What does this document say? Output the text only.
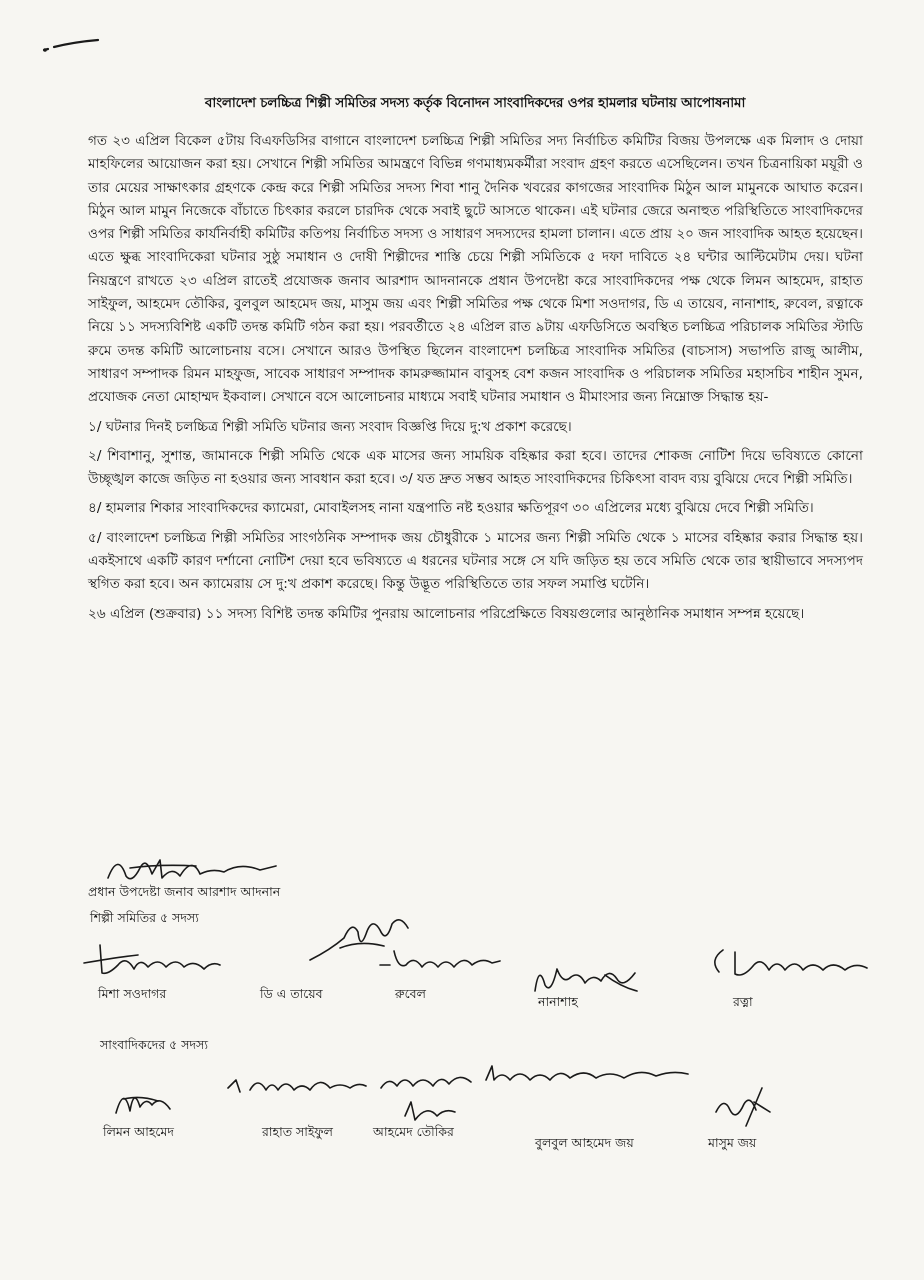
বাংলাদেশ চলচ্চিত্র শিল্পী সমিতির সদস্য কর্তৃক বিনোদন সাংবাদিকদের ওপর হামলার ঘটনায় আপোষনামা

গত ২৩ এপ্রিল বিকেল ৫টায় বিএফডিসির বাগানে বাংলাদেশ চলচ্চিত্র শিল্পী সমিতির সদ্য নির্বাচিত কমিটির বিজয় উপলক্ষে এক মিলাদ ও দোয়া মাহফিলের আয়োজন করা হয়। সেখানে শিল্পী সমিতির আমন্ত্রণে বিভিন্ন গণমাধ্যমকর্মীরা সংবাদ গ্রহণ করতে এসেছিলেন। তখন চিত্রনায়িকা ময়ূরী ও তার মেয়ের সাক্ষাৎকার গ্রহণকে কেন্দ্র করে শিল্পী সমিতির সদস্য শিবা শানু দৈনিক খবরের কাগজের সাংবাদিক মিঠুন আল মামুনকে আঘাত করেন। মিঠুন আল মামুন নিজেকে বাঁচাতে চিৎকার করলে চারদিক থেকে সবাই ছুটে আসতে থাকেন। এই ঘটনার জেরে অনাহুত পরিস্থিতিতে সাংবাদিকদের ওপর শিল্পী সমিতির কার্যনির্বাহী কমিটির কতিপয় নির্বাচিত সদস্য ও সাধারণ সদস্যদের হামলা চালান। এতে প্রায় ২০ জন সাংবাদিক আহত হয়েছেন। এতে ক্ষুব্ধ সাংবাদিকেরা ঘটনার সুষ্ঠু সমাধান ও দোষী শিল্পীদের শাস্তি চেয়ে শিল্পী সমিতিকে ৫ দফা দাবিতে ২৪ ঘন্টার আল্টিমেটাম দেয়। ঘটনা নিয়ন্ত্রণে রাখতে ২৩ এপ্রিল রাতেই প্রযোজক জনাব আরশাদ আদনানকে প্রধান উপদেষ্টা করে সাংবাদিকদের পক্ষ থেকে লিমন আহমেদ, রাহাত সাইফুল, আহমেদ তৌকির, বুলবুল আহমেদ জয়, মাসুম জয় এবং শিল্পী সমিতির পক্ষ থেকে মিশা সওদাগর, ডি এ তায়েব, নানাশাহ, রুবেল, রত্নাকে নিয়ে ১১ সদস্যবিশিষ্ট একটি তদন্ত কমিটি গঠন করা হয়। পরবর্তীতে ২৪ এপ্রিল রাত ৯টায় এফডিসিতে অবস্থিত চলচ্চিত্র পরিচালক সমিতির স্টাডি রুমে তদন্ত কমিটি আলোচনায় বসে। সেখানে আরও উপস্থিত ছিলেন বাংলাদেশ চলচ্চিত্র সাংবাদিক সমিতির (বাচসাস) সভাপতি রাজু আলীম, সাধারণ সম্পাদক রিমন মাহফুজ, সাবেক সাধারণ সম্পাদক কামরুজ্জামান বাবুসহ বেশ কজন সাংবাদিক ও পরিচালক সমিতির মহাসচিব শাহীন সুমন, প্রযোজক নেতা মোহাম্মদ ইকবাল। সেখানে বসে আলোচনার মাধ্যমে সবাই ঘটনার সমাধান ও মীমাংসার জন্য নিম্নোক্ত সিদ্ধান্ত হয়-

১/ ঘটনার দিনই চলচ্চিত্র শিল্পী সমিতি ঘটনার জন্য সংবাদ বিজ্ঞপ্তি দিয়ে দু:খ প্রকাশ করেছে।

২/ শিবাশানু, সুশান্ত, জামানকে শিল্পী সমিতি থেকে এক মাসের জন্য সাময়িক বহিষ্কার করা হবে। তাদের শোকজ নোটিশ দিয়ে ভবিষ্যতে কোনো উচ্ছৃঙ্খল কাজে জড়িত না হওয়ার জন্য সাবধান করা হবে। ৩/ যত দ্রুত সম্ভব আহত সাংবাদিকদের চিকিৎসা বাবদ ব্যয় বুঝিয়ে দেবে শিল্পী সমিতি।

৪/ হামলার শিকার সাংবাদিকদের ক্যামেরা, মোবাইলসহ নানা যন্ত্রপাতি নষ্ট হওয়ার ক্ষতিপূরণ ৩০ এপ্রিলের মধ্যে বুঝিয়ে দেবে শিল্পী সমিতি।

৫/ বাংলাদেশ চলচ্চিত্র শিল্পী সমিতির সাংগঠনিক সম্পাদক জয় চৌধুরীকে ১ মাসের জন্য শিল্পী সমিতি থেকে ১ মাসের বহিষ্কার করার সিদ্ধান্ত হয়। একইসাথে একটি কারণ দর্শানো নোটিশ দেয়া হবে ভবিষ্যতে এ ধরনের ঘটনার সঙ্গে সে যদি জড়িত হয় তবে সমিতি থেকে তার স্থায়ীভাবে সদস্যপদ স্থগিত করা হবে। অন ক্যামেরায় সে দু:খ প্রকাশ করেছে। কিন্তু উদ্ভূত পরিস্থিতিতে তার সফল সমাপ্তি ঘটেনি।

২৬ এপ্রিল (শুক্রবার) ১১ সদস্য বিশিষ্ট তদন্ত কমিটির পুনরায় আলোচনার পরিপ্রেক্ষিতে বিষয়গুলোর আনুষ্ঠানিক সমাধান সম্পন্ন হয়েছে।

প্রধান উপদেষ্টা জনাব আরশাদ আদনান
শিল্পী সমিতির ৫ সদস্য
মিশা সওদাগর	ডি এ তায়েব	রুবেল
নানাশাহ	রত্না
সাংবাদিকদের ৫ সদস্য
লিমন আহমেদ	রাহাত সাইফুল	আহমেদ তৌকির
বুলবুল আহমেদ জয়	মাসুম জয়
